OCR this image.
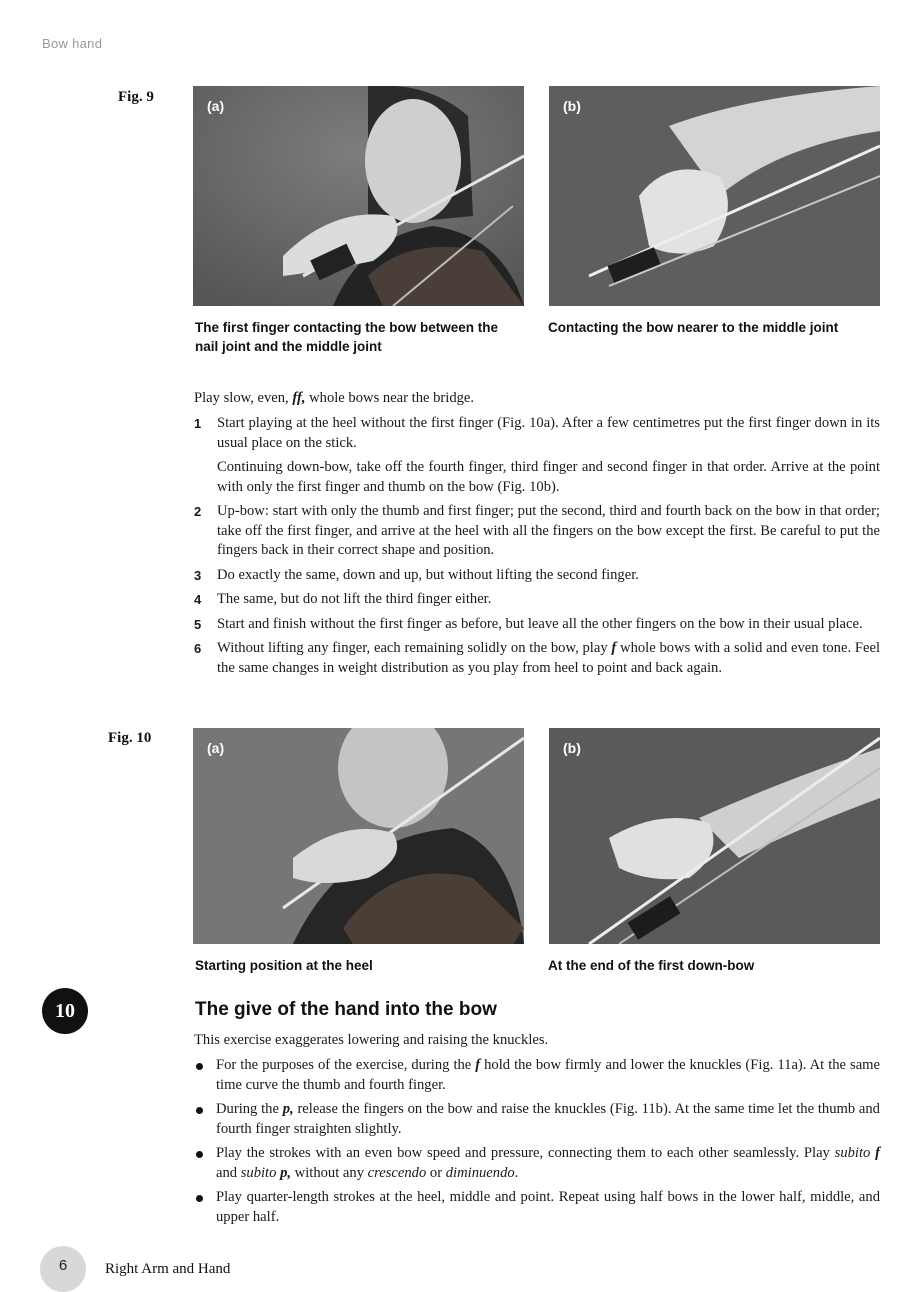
Bow hand
Fig. 9
(a)	(b)
The first finger contacting the bow between the nail joint and the middle joint
Contacting the bow nearer to the middle joint
Play slow, even, ff, whole bows near the bridge.

1 Start playing at the heel without the first finger (Fig. 10a). After a few centimetres put the first finger down in its usual place on the stick.

Continuing down-bow, take off the fourth finger, third finger and second finger in that order. Arrive at the point with only the first finger and thumb on the bow (Fig. 10b).

2 Up-bow: start with only the thumb and first finger; put the second, third and fourth back on the bow in that order; take off the first finger, and arrive at the heel with all the fingers on the bow except the first. Be careful to put the fingers back in their correct shape and position.

3 Do exactly the same, down and up, but without lifting the second finger.

4 The same, but do not lift the third finger either.

5 Start and finish without the first finger as before, but leave all the other fingers on the bow in their usual place.

6 Without lifting any finger, each remaining solidly on the bow, play f whole bows with a solid and even tone. Feel the same changes in weight distribution as you play from heel to point and back again.

Fig. 10
(a)	(b)
Starting position at the heel	At the end of the first down-bow
10	The give of the hand into the bow
This exercise exaggerates lowering and raising the knuckles.
For the purposes of the exercise, during the f hold the bow firmly and lower the knuckles (Fig. 11a). At the same time curve the thumb and fourth finger.
During the p, release the fingers on the bow and raise the knuckles (Fig. 11b). At the same time let the thumb and fourth finger straighten slightly.
Play the strokes with an even bow speed and pressure, connecting them to each other seamlessly. Play subito f and subito p, without any crescendo or diminuendo.
Play quarter-length strokes at the heel, middle and point. Repeat using half bows in the lower half, middle, and upper half.
6	Right Arm and Hand
